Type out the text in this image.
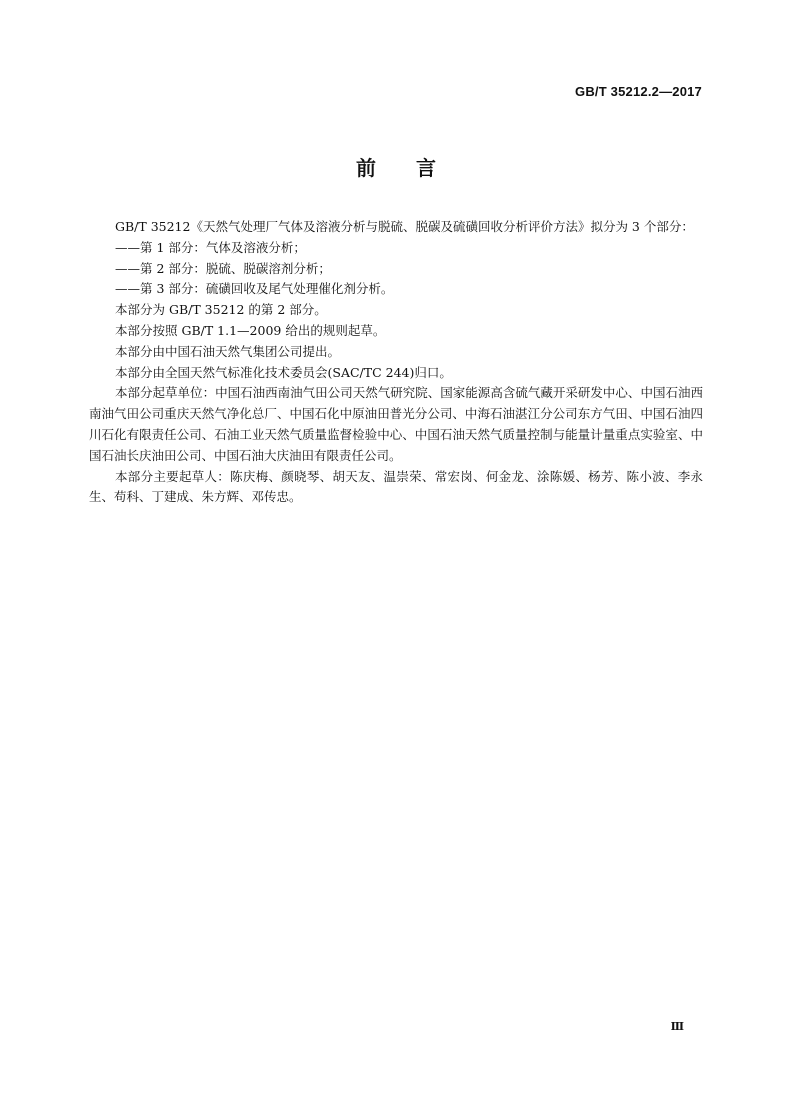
GB/T 35212.2—2017
前言

GB/T 35212《天然气处理厂气体及溶液分析与脱硫、脱碳及硫磺回收分析评价方法》拟分为 3 个部分：

——第 1 部分：气体及溶液分析；

——第 2 部分：脱硫、脱碳溶剂分析；

——第 3 部分：硫磺回收及尾气处理催化剂分析。

本部分为 GB/T 35212 的第 2 部分。

本部分按照 GB/T 1.1—2009 给出的规则起草。

本部分由中国石油天然气集团公司提出。

本部分由全国天然气标准化技术委员会(SAC/TC 244)归口。

本部分起草单位：中国石油西南油气田公司天然气研究院、国家能源高含硫气藏开采研发中心、中国石油西南油气田公司重庆天然气净化总厂、中国石化中原油田普光分公司、中海石油湛江分公司东方气田、中国石油四川石化有限责任公司、石油工业天然气质量监督检验中心、中国石油天然气质量控制与能量计量重点实验室、中国石油长庆油田公司、中国石油大庆油田有限责任公司。

本部分主要起草人：陈庆梅、颜晓琴、胡天友、温崇荣、常宏岗、何金龙、涂陈媛、杨芳、陈小波、李永生、苟科、丁建成、朱方辉、邓传忠。

Ⅲ
